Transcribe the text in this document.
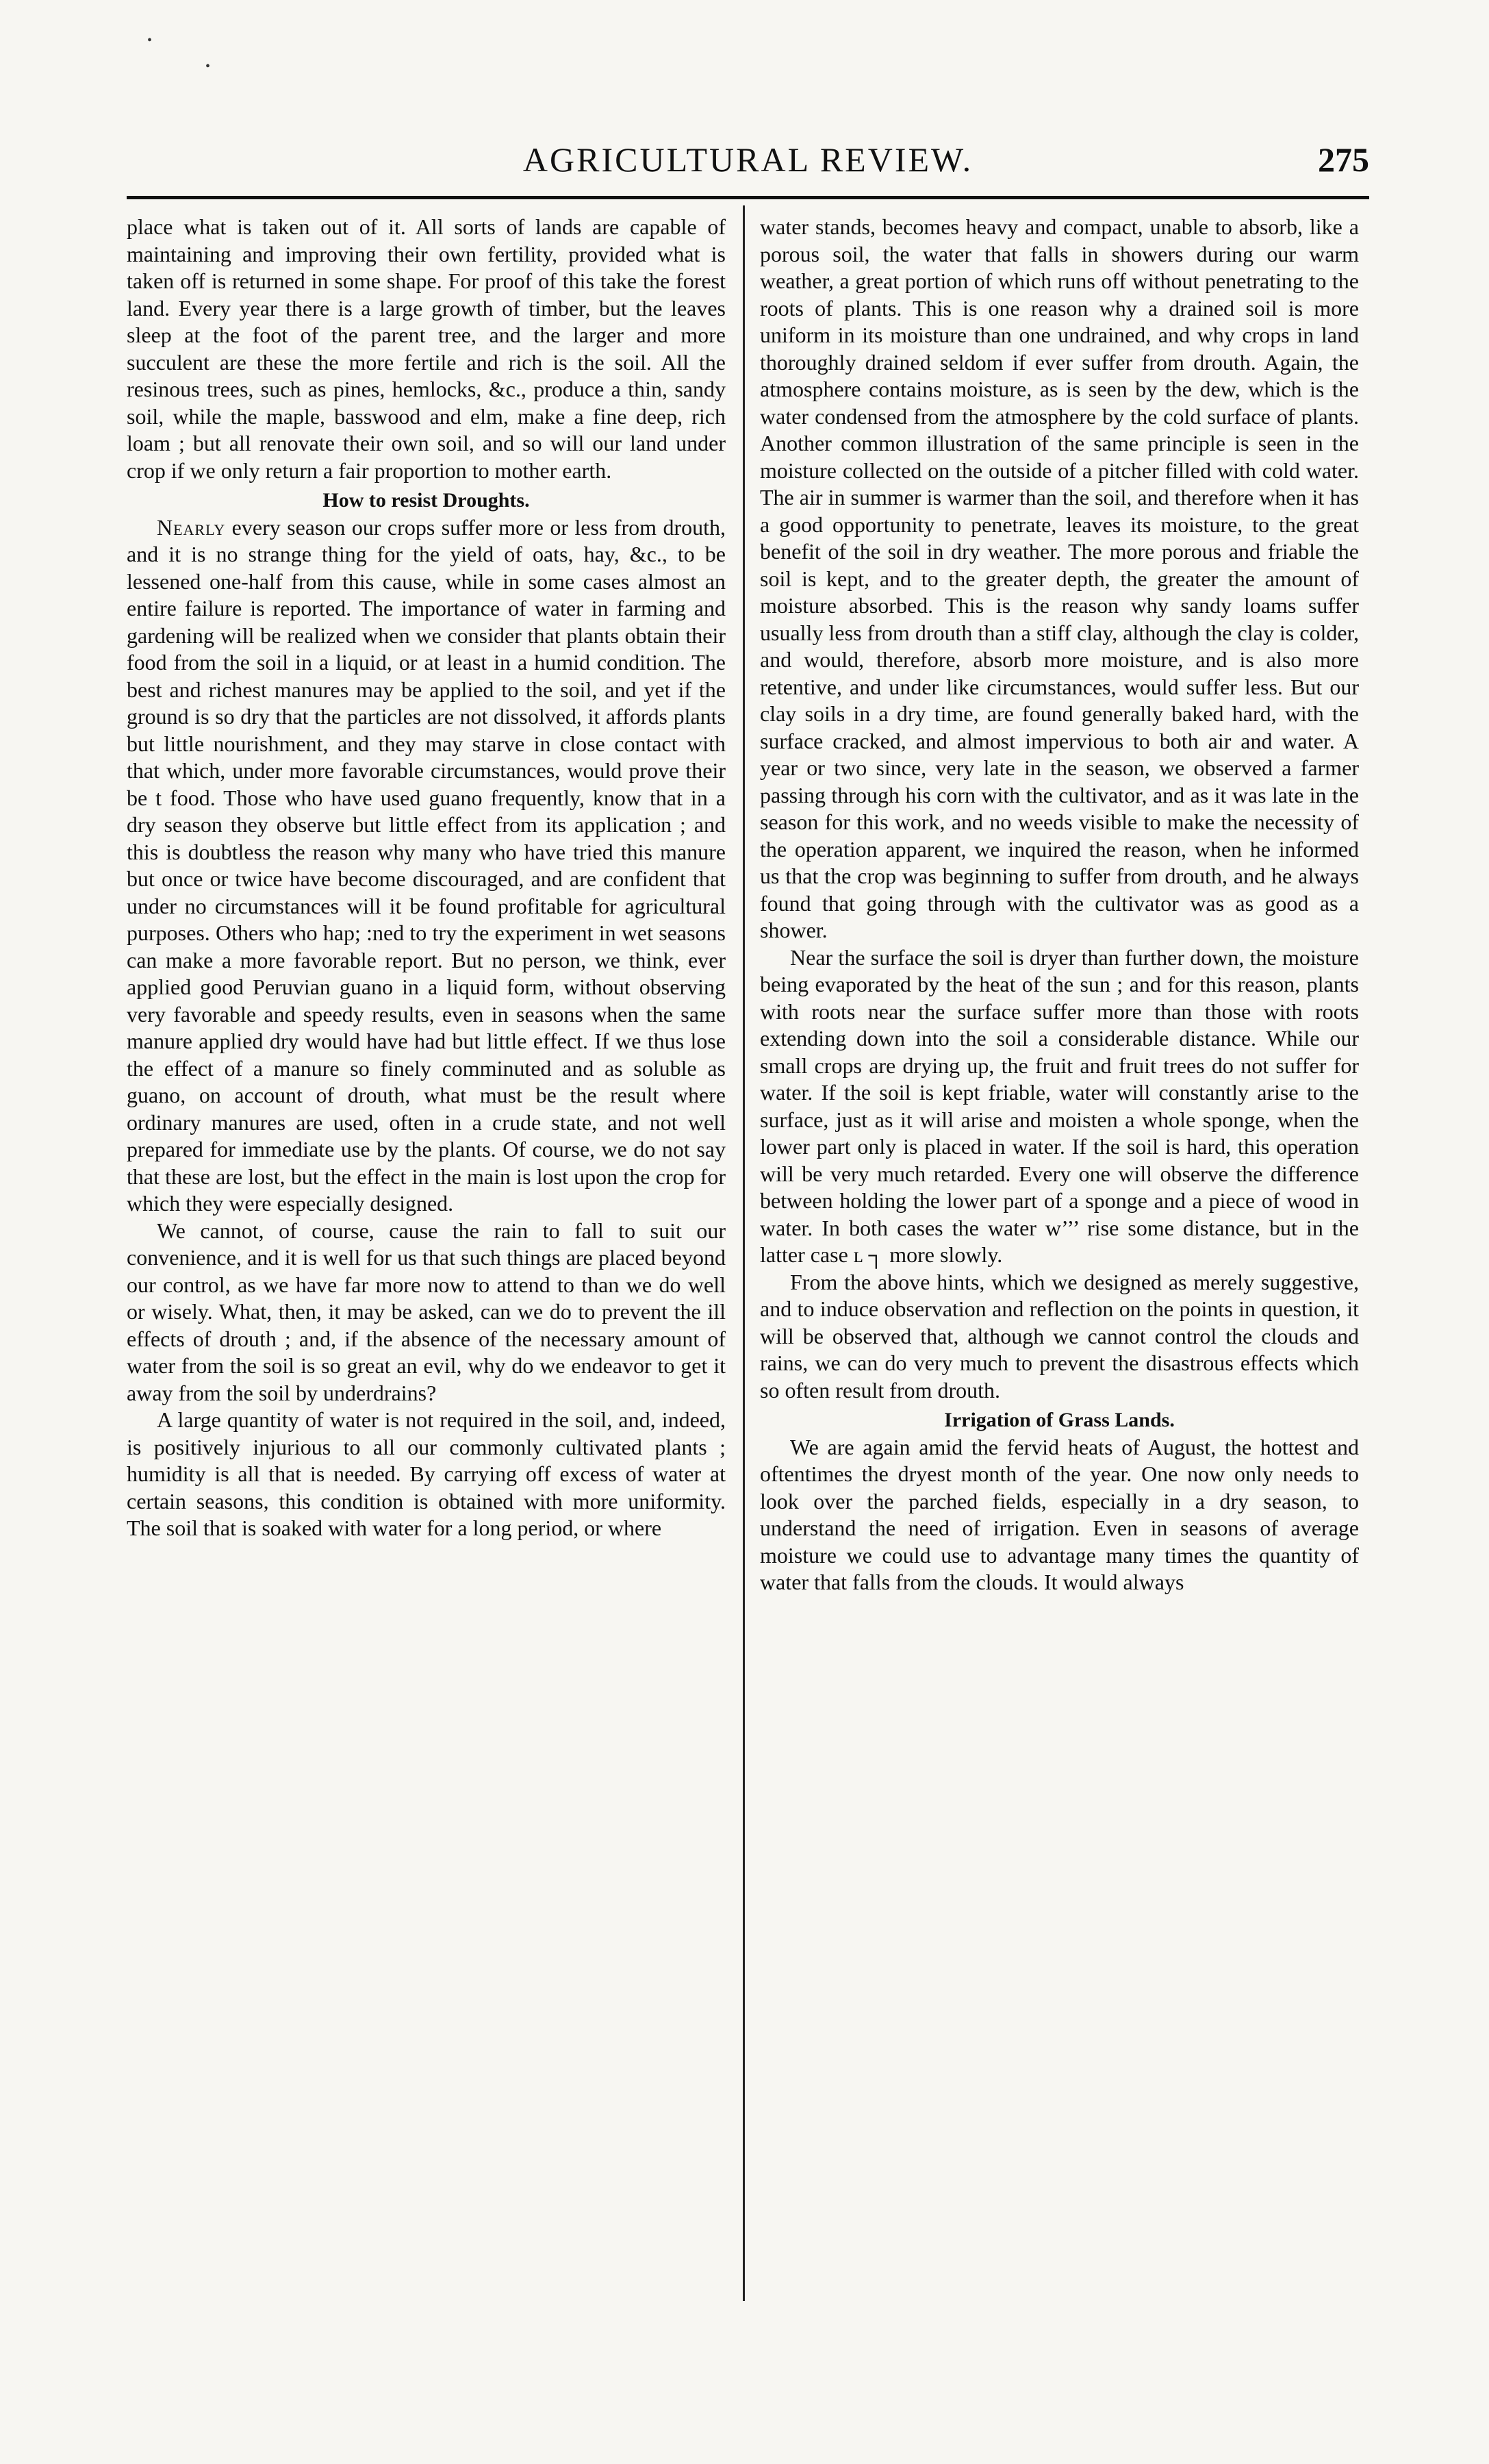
•
•
AGRICULTURAL REVIEW.	275

place what is taken out of it. All sorts of lands are capable of maintaining and improving their own fertility, provided what is taken off is returned in some shape. For proof of this take the forest land. Every year there is a large growth of timber, but the leaves sleep at the foot of the parent tree, and the larger and more succulent are these the more fertile and rich is the soil. All the resinous trees, such as pines, hemlocks, &c., produce a thin, sandy soil, while the maple, basswood and elm, make a fine deep, rich loam ; but all renovate their own soil, and so will our land under crop if we only return a fair proportion to mother earth.

How to resist Droughts.

Nearly every season our crops suffer more or less from drouth, and it is no strange thing for the yield of oats, hay, &c., to be lessened one-half from this cause, while in some cases almost an entire failure is reported. The importance of water in farming and gardening will be realized when we consider that plants obtain their food from the soil in a liquid, or at least in a humid condition. The best and richest manures may be applied to the soil, and yet if the ground is so dry that the particles are not dissolved, it affords plants but little nourishment, and they may starve in close contact with that which, under more favorable circumstances, would prove their be t food. Those who have used guano frequently, know that in a dry season they observe but little effect from its application ; and this is doubtless the reason why many who have tried this manure but once or twice have become discouraged, and are confident that under no circumstances will it be found profitable for agricultural purposes. Others who hap; :ned to try the experiment in wet seasons can make a more favorable report. But no person, we think, ever applied good Peruvian guano in a liquid form, without observing very favorable and speedy results, even in seasons when the same manure applied dry would have had but little effect. If we thus lose the effect of a manure so finely comminuted and as soluble as guano, on account of drouth, what must be the result where ordinary manures are used, often in a crude state, and not well prepared for immediate use by the plants. Of course, we do not say that these are lost, but the effect in the main is lost upon the crop for which they were especially designed.

We cannot, of course, cause the rain to fall to suit our convenience, and it is well for us that such things are placed beyond our control, as we have far more now to attend to than we do well or wisely. What, then, it may be asked, can we do to prevent the ill effects of drouth ; and, if the absence of the necessary amount of water from the soil is so great an evil, why do we endeavor to get it away from the soil by underdrains?

A large quantity of water is not required in the soil, and, indeed, is positively injurious to all our commonly cultivated plants ; humidity is all that is needed. By carrying off excess of water at certain seasons, this condition is obtained with more uniformity. The soil that is soaked with water for a long period, or where

water stands, becomes heavy and compact, unable to absorb, like a porous soil, the water that falls in showers during our warm weather, a great portion of which runs off without penetrating to the roots of plants. This is one reason why a drained soil is more uniform in its moisture than one undrained, and why crops in land thoroughly drained seldom if ever suffer from drouth. Again, the atmosphere contains moisture, as is seen by the dew, which is the water condensed from the atmosphere by the cold surface of plants. Another common illustration of the same principle is seen in the moisture collected on the outside of a pitcher filled with cold water. The air in summer is warmer than the soil, and therefore when it has a good opportunity to penetrate, leaves its moisture, to the great benefit of the soil in dry weather. The more porous and friable the soil is kept, and to the greater depth, the greater the amount of moisture absorbed. This is the reason why sandy loams suffer usually less from drouth than a stiff clay, although the clay is colder, and would, therefore, absorb more moisture, and is also more retentive, and under like circumstances, would suffer less. But our clay soils in a dry time, are found generally baked hard, with the surface cracked, and almost impervious to both air and water. A year or two since, very late in the season, we observed a farmer passing through his corn with the cultivator, and as it was late in the season for this work, and no weeds visible to make the necessity of the operation apparent, we inquired the reason, when he informed us that the crop was beginning to suffer from drouth, and he always found that going through with the cultivator was as good as a shower.

Near the surface the soil is dryer than further down, the moisture being evaporated by the heat of the sun ; and for this reason, plants with roots near the surface suffer more than those with roots extending down into the soil a considerable distance. While our small crops are drying up, the fruit and fruit trees do not suffer for water. If the soil is kept friable, water will constantly arise to the surface, just as it will arise and moisten a whole sponge, when the lower part only is placed in water. If the soil is hard, this operation will be very much retarded. Every one will observe the difference between holding the lower part of a sponge and a piece of wood in water. In both cases the water w’’’ rise some distance, but in the latter case ʟ ┐ more slowly.

From the above hints, which we designed as merely suggestive, and to induce observation and reflection on the points in question, it will be observed that, although we cannot control the clouds and rains, we can do very much to prevent the disastrous effects which so often result from drouth.

Irrigation of Grass Lands.

We are again amid the fervid heats of August, the hottest and oftentimes the dryest month of the year. One now only needs to look over the parched fields, especially in a dry season, to understand the need of irrigation. Even in seasons of average moisture we could use to advantage many times the quantity of water that falls from the clouds. It would always
